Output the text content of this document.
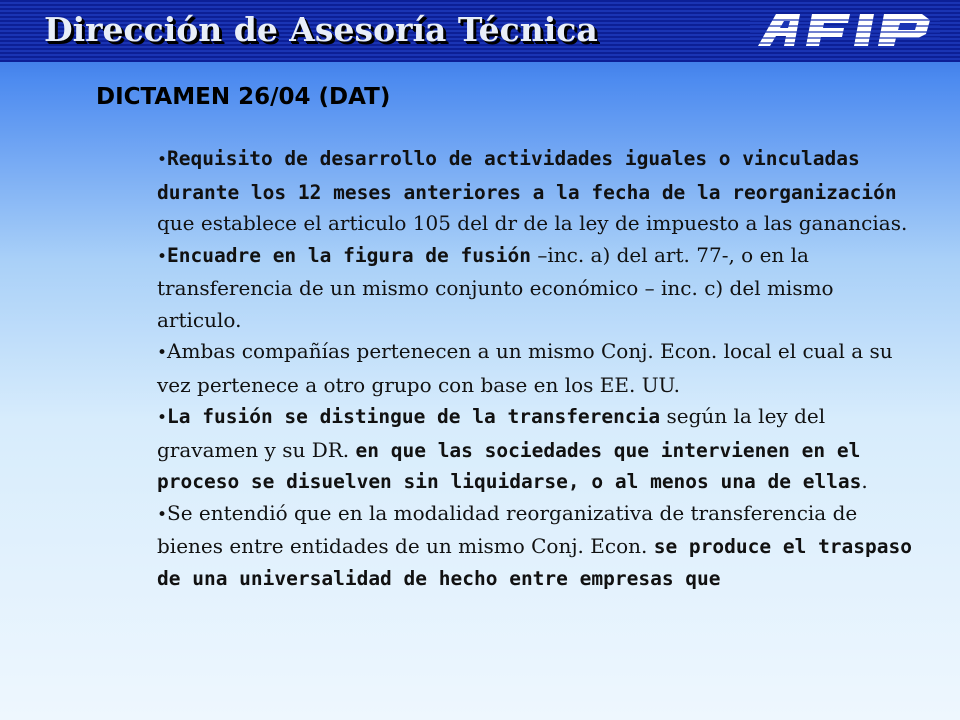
Dirección de Asesoría Técnica
DICTAMEN 26/04 (DAT)

•Requisito de desarrollo de actividades iguales o vinculadas durante los 12 meses anteriores a la fecha de la reorganización que establece el articulo 105 del dr de la ley de impuesto a las ganancias.

•Encuadre en la figura de fusión –inc. a) del art. 77-, o en la transferencia de un mismo conjunto económico – inc. c) del mismo articulo.

•Ambas compañías pertenecen a un mismo Conj. Econ. local el cual a su vez pertenece a otro grupo con base en los EE. UU.

•La fusión se distingue de la transferencia según la ley del gravamen y su DR. en que las sociedades que intervienen en el proceso se disuelven sin liquidarse, o al menos una de ellas.

•Se entendió que en la modalidad reorganizativa de transferencia de bienes entre entidades de un mismo Conj. Econ. se produce el traspaso de una universalidad de hecho entre empresas que
